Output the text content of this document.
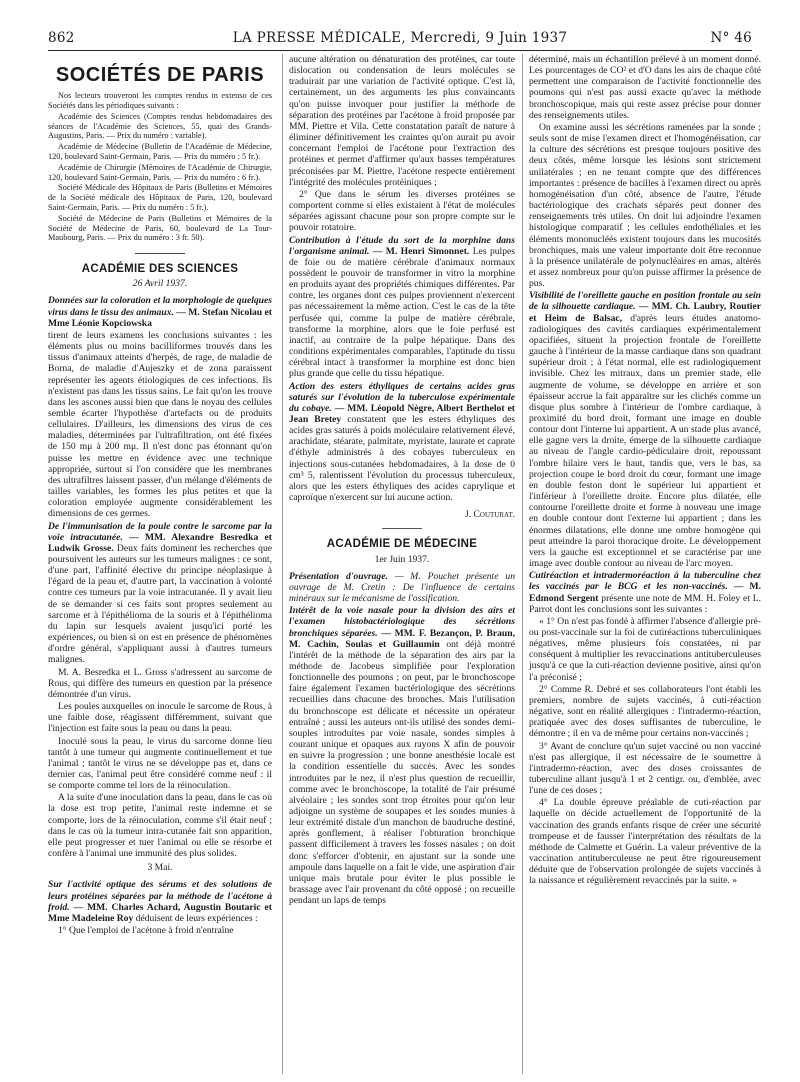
862	LA PRESSE MÉDICALE, Mercredi, 9 Juin 1937	N° 46
SOCIÉTÉS DE PARIS

Nos lecteurs trouveront les comptes rendus in extenso de ces Sociétés dans les périodiques suivants :

Académie des Sciences (Comptes rendus hebdomadaires des séances de l'Académie des Sciences, 55, quai des Grands-Augustins, Paris. — Prix du numéro : variable).

Académie de Médecine (Bulletin de l'Académie de Médecine, 120, boulevard Saint-Germain, Paris. — Prix du numéro : 5 fr.).

Académie de Chirurgie (Mémoires de l'Académie de Chirurgie, 120, boulevard Saint-Germain, Paris. — Prix du numéro : 6 fr.).

Société Médicale des Hôpitaux de Paris (Bulletins et Mémoires de la Société médicale des Hôpitaux de Paris, 120, boulevard Saint-Germain, Paris. — Prix du numéro : 5 fr.).

Société de Médecine de Paris (Bulletins et Mémoires de la Société de Médecine de Paris, 60, boulevard de La Tour-Maubourg, Paris. — Prix du numéro : 3 fr. 50).

ACADÉMIE DES SCIENCES
26 Avril 1937.

Données sur la coloration et la morphologie de quelques virus dans le tissu des animaux. — M. Stefan Nicolau et Mme Léonie Kopciowska

tirent de leurs examens les conclusions suivantes : les éléments plus ou moins bacilliformes trouvés dans les tissus d'animaux atteints d'herpès, de rage, de maladie de Borna, de maladie d'Aujeszky et de zona paraissent représenter les agents étiologiques de ces infections. Ils n'existent pas dans les tissus sains. Le fait qu'on les trouve dans les ascones aussi bien que dans le noyau des cellules semble écarter l'hypothèse d'artefacts ou de produits cellulaires. D'ailleurs, les dimensions des virus de ces maladies, déterminées par l'ultrafiltration, ont été fixées de 150 mμ à 200 mμ. Il n'est donc pas étonnant qu'on puisse les mettre en évidence avec une technique appropriée, surtout si l'on considère que les membranes des ultrafiltres laissent passer, d'un mélange d'éléments de tailles variables, les formes les plus petites et que la coloration employée augmente considérablement les dimensions de ces germes.

De l'immunisation de la poule contre le sarcome par la voie intracutanée. — MM. Alexandre Besredka et Ludwik Grosse. Deux faits dominent les recherches que poursuivent les auteurs sur les tumeurs malignes : ce sont, d'une part, l'affinité élective du principe néoplasique à l'égard de la peau et, d'autre part, la vaccination à volonté contre ces tumeurs par la voie intracutanée. Il y avait lieu de se demander si ces faits sont propres seulement au sarcome et à l'épithélioma de la souris et à l'épithélioma du lapin sur lesquels avaient jusqu'ici porté les expériences, ou bien si on est en présence de phénomènes d'ordre général, s'appliquant aussi à d'autres tumeurs malignes.

M. A. Besredka et L. Gross s'adressent au sarcome de Rous, qui diffère des tumeurs en question par la présence démontrée d'un virus.

Les poules auxquelles on inocule le sarcome de Rous, à une faible dose, réagissent différemment, suivant que l'injection est faite sous la peau ou dans la peau.

Inoculé sous la peau, le virus du sarcome donne lieu tantôt à une tumeur qui augmente continuellement et tue l'animal ; tantôt le virus ne se développe pas et, dans ce dernier cas, l'animal peut être considéré comme neuf : il se comporte comme tel lors de la réinoculation.

A la suite d'une inoculation dans la peau, dans le cas où la dose est trop petite, l'animal reste indemne et se comporte, lors de la réinoculation, comme s'il était neuf ; dans le cas où la tumeur intra-cutanée fait son apparition, elle peut progresser et tuer l'animal ou elle se résorbe et confère à l'animal une immunité des plus solides.

3 Mai.

Sur l'activité optique des sérums et des solutions de leurs protéines séparées par la méthode de l'acétone à froid. — MM. Charles Achard, Augustin Boutaric et Mme Madeleine Roy déduisent de leurs expériences :

1° Que l'emploi de l'acétone à froid n'entraîne

aucune altération ou dénaturation des protéines, car toute dislocation ou condensation de leurs molécules se traduirait par une variation de l'activité optique. C'est là, certainement, un des arguments les plus convaincants qu'on puisse invoquer pour justifier la méthode de séparation des protéines par l'acétone à froid proposée par MM. Piettre et Vila. Cette constatation paraît de nature à éliminer définitivement les craintes qu'on aurait pu avoir concernant l'emploi de l'acétone pour l'extraction des protéines et permet d'affirmer qu'aux basses températures préconisées par M. Piettre, l'acétone respecte entièrement l'intégrité des molécules protéiniques ;

2° Que dans le sérum les diverses protéines se comportent comme si elles existaient à l'état de molécules séparées agissant chacune pour son propre compte sur le pouvoir rotatoire.

Contribution à l'étude du sort de la morphine dans l'organisme animal. — M. Henri Simonnet. Les pulpes de foie ou de matière cérébrale d'animaux normaux possèdent le pouvoir de transformer in vitro la morphine en produits ayant des propriétés chimiques différentes. Par contre, les organes dont ces pulpes proviennent n'exercent pas nécessairement la même action. C'est le cas de la tête perfusée qui, comme la pulpe de matière cérébrale, transforme la morphine, alors que le foie perfusé est inactif, au contraire de la pulpe hépatique. Dans des conditions expérimentales comparables, l'aptitude du tissu cérébral intact à transformer la morphine est donc bien plus grande que celle du tissu hépatique.

Action des esters éthyliques de certains acides gras saturés sur l'évolution de la tuberculose expérimentale du cobaye. — MM. Léopold Nègre, Albert Berthelot et Jean Bretey constatent que les esters éthyliques des acides gras saturés à poids moléculaire relativement élevé, arachidate, stéarate, palmitate, myristate, laurate et caprate d'éthyle administrés à des cobayes tuberculeux en injections sous-cutanées hebdomadaires, à la dose de 0 cm³ 5, ralentissent l'évolution du processus tuberculeux, alors que les esters éthyliques des acides caprylique et caproïque n'exercent sur lui aucune action.

J. Couturat.
ACADÉMIE DE MÉDECINE
1er Juin 1937.

Présentation d'ouvrage. — M. Pouchet présente un ouvrage de M. Cretin : De l'influence de certains minéraux sur le mécanisme de l'ossification.

Intérêt de la voie nasale pour la division des airs et l'examen histobactériologique des sécrétions bronchiques séparées. — MM. F. Bezançon, P. Braun, M. Cachin, Soulas et Guillaumin ont déjà montré l'intérêt de la méthode de la séparation des airs par la méthode de Jacobeus simplifiée pour l'exploration fonctionnelle des poumons ; on peut, par le bronchoscope faire également l'examen bactériologique des sécrétions recueillies dans chacune des bronches. Mais l'utilisation du bronchoscope est délicate et nécessite un opérateur entraîné ; aussi les auteurs ont-ils utilisé des sondes demi-souples introduites par voie nasale, sondes simples à courant unique et opaques aux rayons X afin de pouvoir en suivre la progression ; une bonne anesthésie locale est la condition essentielle du succès. Avec les sondes introduites par le nez, il n'est plus question de recueillir, comme avec le bronchoscope, la totalité de l'air présumé alvéolaire ; les sondes sont trop étroites pour qu'on leur adjoigne un système de soupapes et les sondes munies à leur extrémité distale d'un manchon de baudruche destiné, après gonflement, à réaliser l'obturation bronchique passent difficilement à travers les fosses nasales ; on doit donc s'efforcer d'obtenir, en ajustant sur la sonde une ampoule dans laquelle on a fait le vide, une aspiration d'air unique mais brutale pour éviter le plus possible le brassage avec l'air provenant du côté opposé ; on recueille pendant un laps de temps

déterminé, mais un échantillon prélevé à un moment donné. Les pourcentages de CO² et d'O dans les airs de chaque côté permettent une comparaison de l'activité fonctionnelle des poumons qui n'est pas aussi exacte qu'avec la méthode bronchoscopique, mais qui reste assez précise pour donner des renseignements utiles.

On examine aussi les sécrétions ramenées par la sonde ; seuls sont de mise l'examen direct et l'homogénéisation, car la culture des sécrétions est presque toujours positive des deux côtés, même lorsque les lésions sont strictement unilatérales ; en ne tenant compte que des différences importantes : présence de bacilles à l'examen direct ou après homogénéisation d'un côté, absence de l'autre, l'étude bactériologique des crachats séparés peut donner des renseignements très utiles. On doit lui adjoindre l'examen histologique comparatif ; les cellules endothéliales et les éléments mononucléés existent toujours dans les mucosités bronchiques, mais une valeur importante doit être reconnue à la présence unilatérale de polynucléaires en amas, altérés et assez nombreux pour qu'on puisse affirmer la présence de pus.

Visibilité de l'oreillette gauche en position frontale au sein de la silhouette cardiaque. — MM. Ch. Laubry, Routier et Heim de Balsac, d'après leurs études anatomo-radiologiques des cavités cardiaques expérimentalement opacifiées, situent la projection frontale de l'oreillette gauche à l'intérieur de la masse cardiaque dans son quadrant supérieur droit ; à l'état normal, elle est radiologiquement invisible. Chez les mitraux, dans un premier stade, elle augmente de volume, se développe en arrière et son épaisseur accrue la fait apparaître sur les clichés comme un disque plus sombre à l'intérieur de l'ombre cardiaque, à proximité du bord droit, formant une image en double contour dont l'interne lui appartient. A un stade plus avancé, elle gagne vers la droite, émerge de la silhouette cardiaque au niveau de l'angle cardio-pédiculaire droit, repoussant l'ombre hilaire vers le haut, tandis que, vers le bas, sa projection coupe le bord droit du cœur, formant une image en double feston dont le supérieur lui appartient et l'inférieur à l'oreillette droite. Encore plus dilatée, elle contourne l'oreillette droite et forme à nouveau une image en double contour dont l'externe lui appartient ; dans les énormes dilatations, elle donne une ombre homogène qui peut atteindre la paroi thoracique droite. Le développement vers la gauche est exceptionnel et se caractérise par une image avec double contour au niveau de l'arc moyen.

Cutiréaction et intradermoréaction à la tuberculine chez les vaccinés par le BCG et les non-vaccinés. — M. Edmond Sergent présente une note de MM. H. Foley et L. Parrot dont les conclusions sont les suivantes :

« 1° On n'est pas fondé à affirmer l'absence d'allergie pré- ou post-vaccinale sur la foi de cutiréactions tuberculiniques négatives, même plusieurs fois constatées, ni par conséquent à multiplier les revaccinations antituberculeuses jusqu'à ce que la cuti-réaction devienne positive, ainsi qu'on l'a préconisé ;

2° Comme R. Debré et ses collaborateurs l'ont établi les premiers, nombre de sujets vaccinés, à cuti-réaction négative, sont en réalité allergiques : l'intradermo-réaction, pratiquée avec des doses suffisantes de tuberculine, le démontre ; il en va de même pour certains non-vaccinés ;

3° Avant de conclure qu'un sujet vacciné ou non vacciné n'est pas allergique, il est nécessaire de le soumettre à l'intradermo-réaction, avec des doses croissantes de tuberculine allant jusqu'à 1 et 2 centigr. ou, d'emblée, avec l'une de ces doses ;

4° La double épreuve préalable de cuti-réaction par laquelle on décide actuellement de l'opportunité de la vaccination des grands enfants risque de créer une sécurité trompeuse et de fausser l'interprétation des résultats de la méthode de Calmette et Guérin. La valeur préventive de la vaccination antituberculeuse ne peut être rigoureusement déduite que de l'observation prolongée de sujets vaccinés à la naissance et régulièrement revaccinés par la suite. »
